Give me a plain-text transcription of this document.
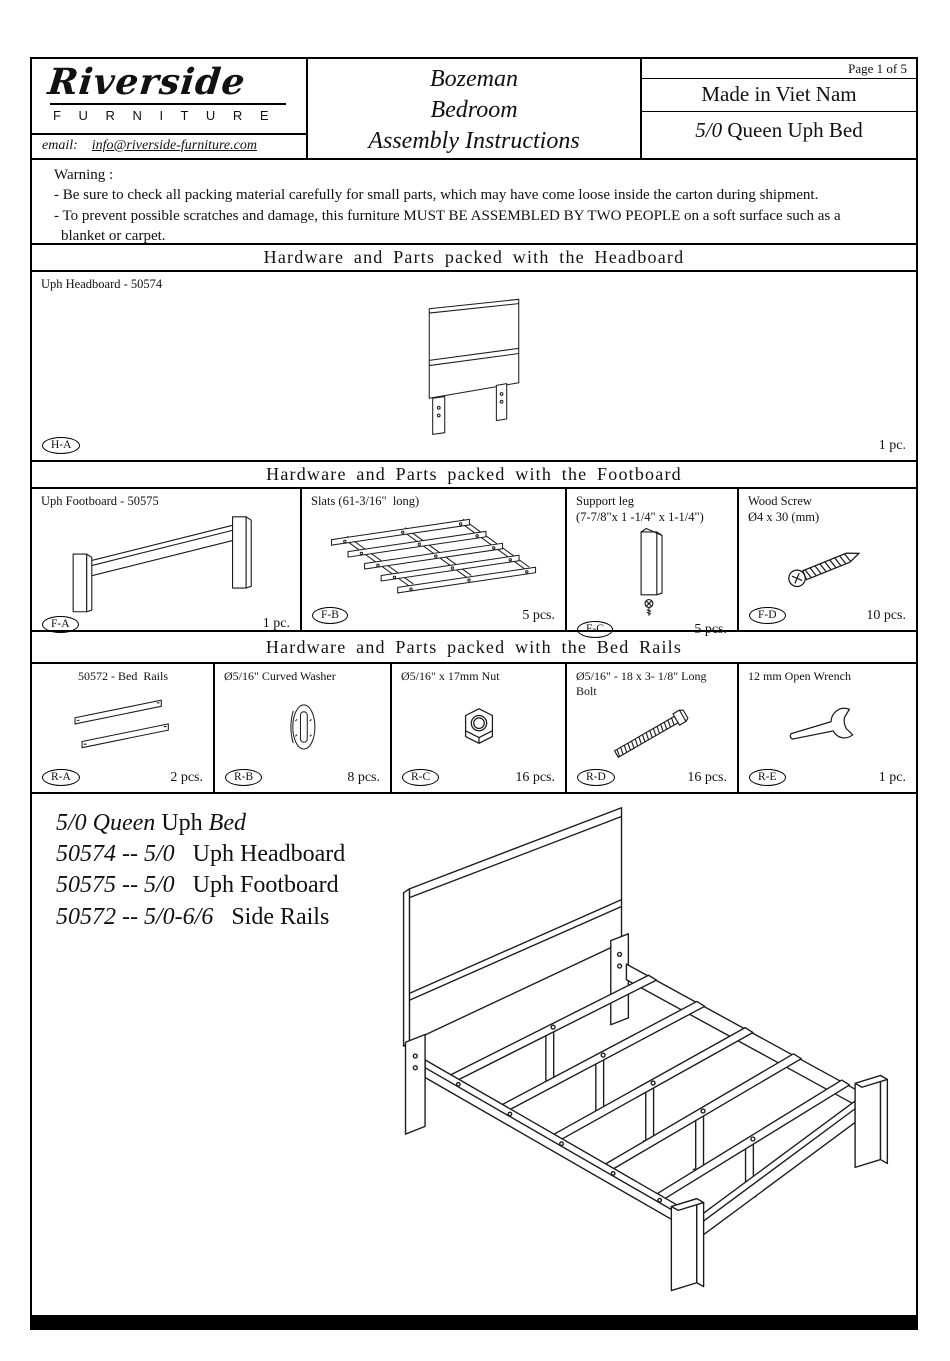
Riverside
F U R N I T U R E
email: info@riverside-furniture.com
Bozeman
Bedroom
Assembly Instructions
Page 1 of 5
Made in Viet Nam
5/0 Queen Uph Bed
Warning :
- Be sure to check all packing material carefully for small parts, which may have come loose inside the carton during shipment.
- To prevent possible scratches and damage, this furniture MUST BE ASSEMBLED BY TWO PEOPLE on a soft surface such as a
blanket or carpet.
Hardware and Parts packed with the Headboard
Uph Headboard - 50574
H-A	1 pc.
Hardware and Parts packed with the Footboard
Uph Footboard - 50575
F-A	1 pc.
Slats (61-3/16"  long)
F-B	5 pcs.
Support leg
(7-7/8"x 1 -1/4" x 1-1/4")
F-C	5 pcs.
Wood Screw
Ø4 x 30 (mm)
F-D	10 pcs.
Hardware and Parts packed with the Bed Rails
50572 - Bed  Rails
R-A	2 pcs.
Ø5/16" Curved Washer
R-B	8 pcs.
Ø5/16" x 17mm Nut
R-C	16 pcs.
Ø5/16" - 18 x 3- 1/8" Long Bolt
R-D	16 pcs.
12 mm Open Wrench
R-E	1 pc.
5/0 Queen Uph Bed
50574 -- 5/0   Uph Headboard
50575 -- 5/0   Uph Footboard
50572 -- 5/0-6/6   Side Rails
